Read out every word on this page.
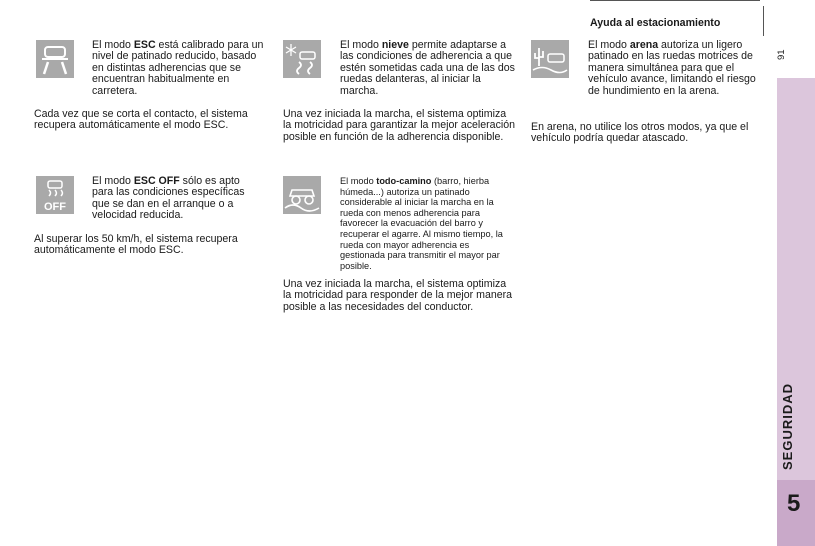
Ayuda al estacionamiento
91
SEGURIDAD
5

El modo ESC está calibrado para un nivel de patinado reducido, basado en distintas adherencias que se encuentran habitualmente en carretera.

Cada vez que se corta el contacto, el sistema recupera automáticamente el modo ESC.

OFF

El modo ESC OFF sólo es apto para las condiciones específicas que se dan en el arranque o a velocidad reducida.

Al superar los 50 km/h, el sistema recupera automáticamente el modo ESC.

El modo nieve permite adaptarse a las condiciones de adherencia a que estén sometidas cada una de las dos ruedas delanteras, al iniciar la marcha.

Una vez iniciada la marcha, el sistema optimiza la motricidad para garantizar la mejor aceleración posible en función de la adherencia disponible.

El modo todo-camino (barro, hierba húmeda...) autoriza un patinado considerable al iniciar la marcha en la rueda con menos adherencia para favorecer la evacuación del barro y recuperar el agarre. Al mismo tiempo, la rueda con mayor adherencia es gestionada para transmitir el mayor par posible.

Una vez iniciada la marcha, el sistema optimiza la motricidad para responder de la mejor manera posible a las necesidades del conductor.

El modo arena autoriza un ligero patinado en las ruedas motrices de manera simultánea para que el vehículo avance, limitando el riesgo de hundimiento en la arena.

En arena, no utilice los otros modos, ya que el vehículo podría quedar atascado.
